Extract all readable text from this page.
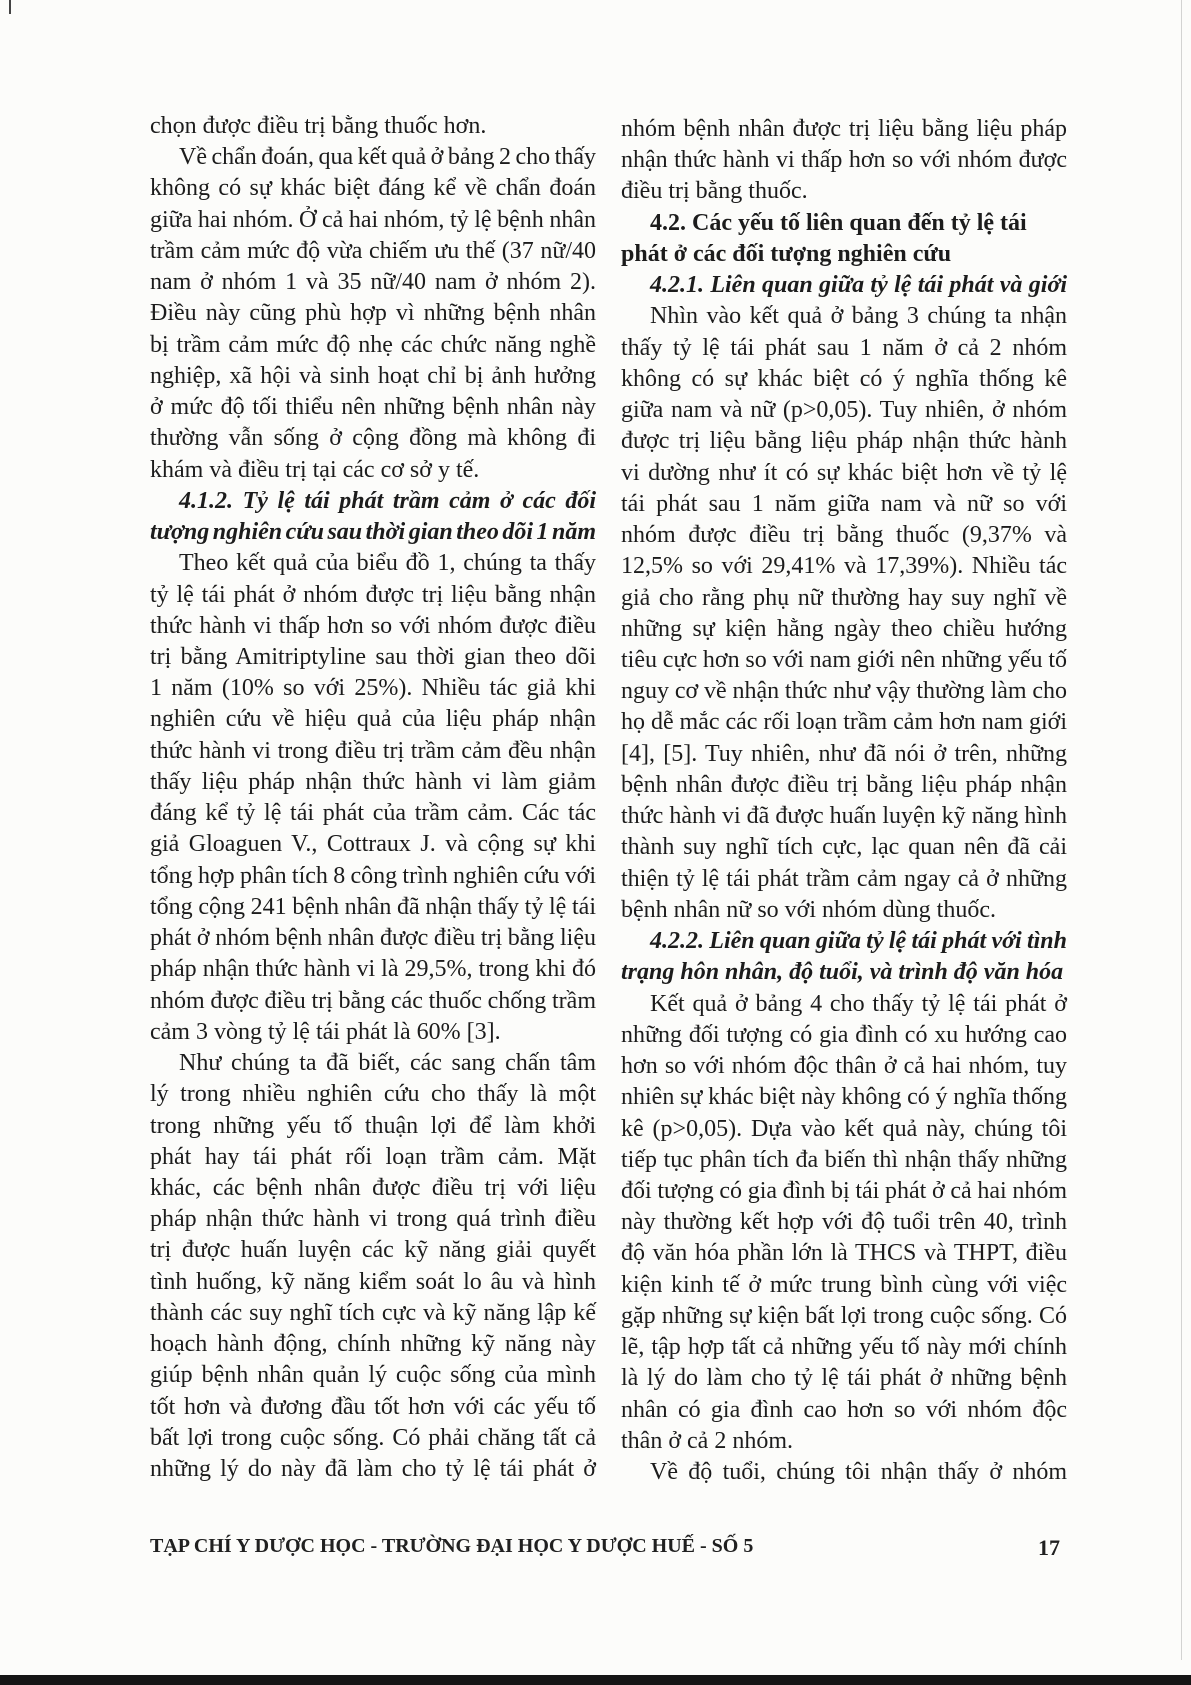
chọn được điều trị bằng thuốc hơn.
Về chẩn đoán, qua kết quả ở bảng 2 cho thấy
không có sự khác biệt đáng kể về chẩn đoán
giữa hai nhóm. Ở cả hai nhóm, tỷ lệ bệnh nhân
trầm cảm mức độ vừa chiếm ưu thế (37 nữ/40
nam ở nhóm 1 và 35 nữ/40 nam ở nhóm 2).
Điều này cũng phù hợp vì những bệnh nhân
bị trầm cảm mức độ nhẹ các chức năng nghề
nghiệp, xã hội và sinh hoạt chỉ bị ảnh hưởng
ở mức độ tối thiểu nên những bệnh nhân này
thường vẫn sống ở cộng đồng mà không đi
khám và điều trị tại các cơ sở y tế.
4.1.2. Tỷ lệ tái phát trầm cảm ở các đối
tượng nghiên cứu sau thời gian theo dõi 1 năm
Theo kết quả của biểu đồ 1, chúng ta thấy
tỷ lệ tái phát ở nhóm được trị liệu bằng nhận
thức hành vi thấp hơn so với nhóm được điều
trị bằng Amitriptyline sau thời gian theo dõi
1 năm (10% so với 25%). Nhiều tác giả khi
nghiên cứu về hiệu quả của liệu pháp nhận
thức hành vi trong điều trị trầm cảm đều nhận
thấy liệu pháp nhận thức hành vi làm giảm
đáng kể tỷ lệ tái phát của trầm cảm. Các tác
giả Gloaguen V., Cottraux J. và cộng sự khi
tổng hợp phân tích 8 công trình nghiên cứu với
tổng cộng 241 bệnh nhân đã nhận thấy tỷ lệ tái
phát ở nhóm bệnh nhân được điều trị bằng liệu
pháp nhận thức hành vi là 29,5%, trong khi đó
nhóm được điều trị bằng các thuốc chống trầm
cảm 3 vòng tỷ lệ tái phát là 60% [3].
Như chúng ta đã biết, các sang chấn tâm
lý trong nhiều nghiên cứu cho thấy là một
trong những yếu tố thuận lợi để làm khởi
phát hay tái phát rối loạn trầm cảm. Mặt
khác, các bệnh nhân được điều trị với liệu
pháp nhận thức hành vi trong quá trình điều
trị được huấn luyện các kỹ năng giải quyết
tình huống, kỹ năng kiểm soát lo âu và hình
thành các suy nghĩ tích cực và kỹ năng lập kế
hoạch hành động, chính những kỹ năng này
giúp bệnh nhân quản lý cuộc sống của mình
tốt hơn và đương đầu tốt hơn với các yếu tố
bất lợi trong cuộc sống. Có phải chăng tất cả
những lý do này đã làm cho tỷ lệ tái phát ở
nhóm bệnh nhân được trị liệu bằng liệu pháp
nhận thức hành vi thấp hơn so với nhóm được
điều trị bằng thuốc.
4.2. Các yếu tố liên quan đến tỷ lệ tái
phát ở các đối tượng nghiên cứu
4.2.1. Liên quan giữa tỷ lệ tái phát và giới
Nhìn vào kết quả ở bảng 3 chúng ta nhận
thấy tỷ lệ tái phát sau 1 năm ở cả 2 nhóm
không có sự khác biệt có ý nghĩa thống kê
giữa nam và nữ (p>0,05). Tuy nhiên, ở nhóm
được trị liệu bằng liệu pháp nhận thức hành
vi dường như ít có sự khác biệt hơn về tỷ lệ
tái phát sau 1 năm giữa nam và nữ so với
nhóm được điều trị bằng thuốc (9,37% và
12,5% so với 29,41% và 17,39%). Nhiều tác
giả cho rằng phụ nữ thường hay suy nghĩ về
những sự kiện hằng ngày theo chiều hướng
tiêu cực hơn so với nam giới nên những yếu tố
nguy cơ về nhận thức như vậy thường làm cho
họ dễ mắc các rối loạn trầm cảm hơn nam giới
[4], [5]. Tuy nhiên, như đã nói ở trên, những
bệnh nhân được điều trị bằng liệu pháp nhận
thức hành vi đã được huấn luyện kỹ năng hình
thành suy nghĩ tích cực, lạc quan nên đã cải
thiện tỷ lệ tái phát trầm cảm ngay cả ở những
bệnh nhân nữ so với nhóm dùng thuốc.
4.2.2. Liên quan giữa tỷ lệ tái phát với tình
trạng hôn nhân, độ tuổi, và trình độ văn hóa
Kết quả ở bảng 4 cho thấy tỷ lệ tái phát ở
những đối tượng có gia đình có xu hướng cao
hơn so với nhóm độc thân ở cả hai nhóm, tuy
nhiên sự khác biệt này không có ý nghĩa thống
kê (p>0,05). Dựa vào kết quả này, chúng tôi
tiếp tục phân tích đa biến thì nhận thấy những
đối tượng có gia đình bị tái phát ở cả hai nhóm
này thường kết hợp với độ tuổi trên 40, trình
độ văn hóa phần lớn là THCS và THPT, điều
kiện kinh tế ở mức trung bình cùng với việc
gặp những sự kiện bất lợi trong cuộc sống. Có
lẽ, tập hợp tất cả những yếu tố này mới chính
là lý do làm cho tỷ lệ tái phát ở những bệnh
nhân có gia đình cao hơn so với nhóm độc
thân ở cả 2 nhóm.
Về độ tuổi, chúng tôi nhận thấy ở nhóm
TẠP CHÍ Y DƯỢC HỌC - TRƯỜNG ĐẠI HỌC Y DƯỢC HUẾ - SỐ 5	17
